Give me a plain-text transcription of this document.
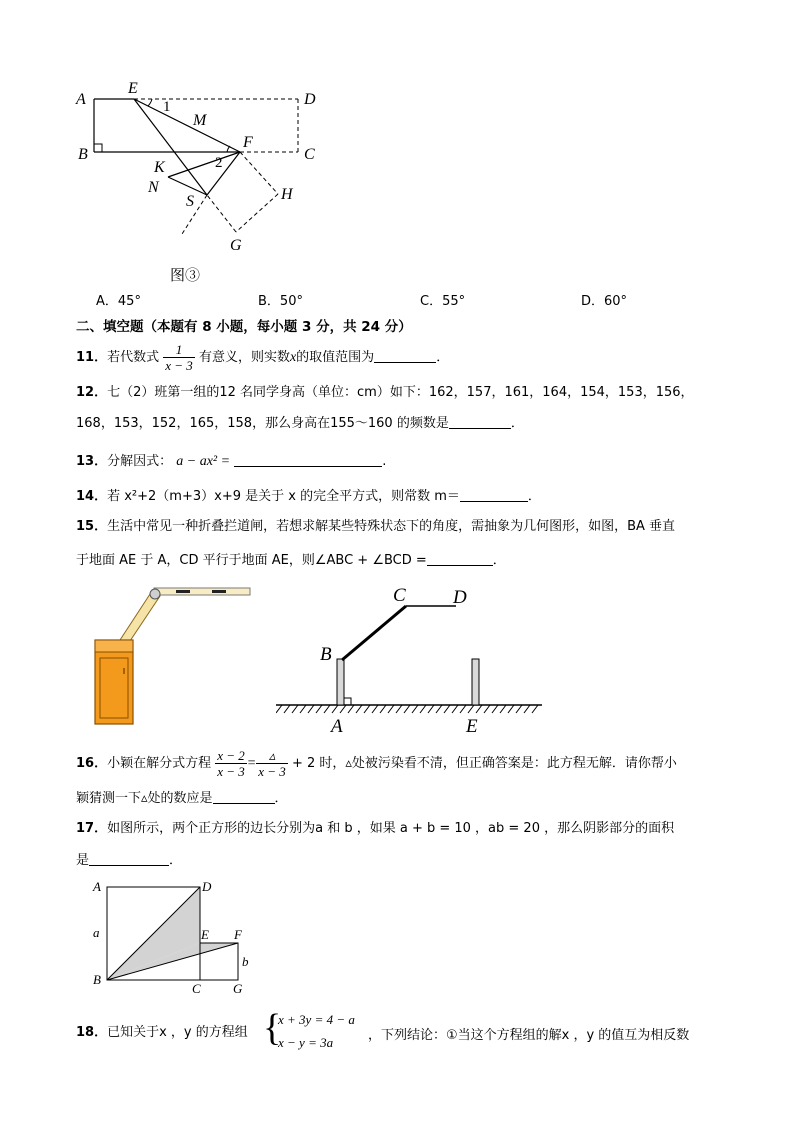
A
E
1	D
M
F
B	C
2
K
N
S	H
G
图③
A．45°	B．50°	C．55°	D．60°
二、填空题（本题有 8 小题，每小题 3 分，共 24 分）
11．若代数式 $\frac{1}{x - 3}$ 有意义，则实数x的取值范围为	．
12．七（2）班第一组的12 名同学身高（单位：cm）如下：162，157，161，164，154，153，156，
168，153，152，165，158，那么身高在155～160 的频数是	．
13．分解因式： a − ax² =	.
14．若 x²+2（m+3）x+9 是关于 x 的完全平方式，则常数 m＝	．
15．生活中常见一种折叠拦道闸，若想求解某些特殊状态下的角度，需抽象为几何图形，如图，BA 垂直
于地面 AE 于 A，CD 平行于地面 AE，则∠ABC + ∠BCD =	．
C D
B
A	E
16．小颖在解分式方程 $\frac{x - 2}{x - 3} = \frac{▵}{x - 3} + 2$ 时，▵处被污染看不清，但正确答案是：此方程无解．请你帮小
颖猜测一下▵处的数应是	．
17．如图所示，两个正方形的边长分别为a 和 b ，如果 a + b = 10 ，ab = 20 ，那么阴影部分的面积
是	．
A	D
a	E F
b
B
C G
18．已知关于x ，y 的方程组 {
x + 3y = 4 − a
x − y = 3a	，下列结论：①当这个方程组的解x ，y 的值互为相反数
